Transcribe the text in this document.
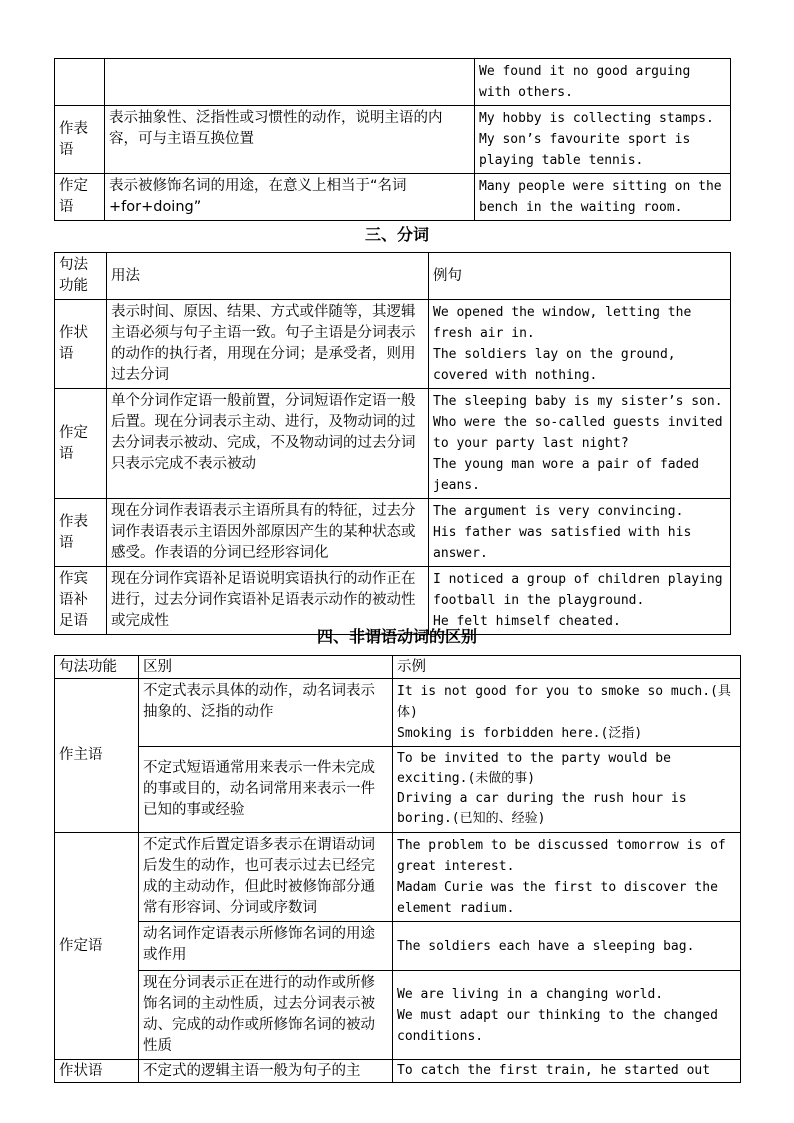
		We found it no good arguing with others.

作表语	表示抽象性、泛指性或习惯性的动作，说明主语的内容，可与主语互换位置	My hobby is collecting stamps.
My son’s favourite sport is playing table tennis.

作定语	表示被修饰名词的用途，在意义上相当于“名词+for+doing”	Many people were sitting on the bench in the waiting room.
三、分词
句法功能	用法	例句
作状语	表示时间、原因、结果、方式或伴随等，其逻辑主语必须与句子主语一致。句子主语是分词表示的动作的执行者，用现在分词；是承受者，则用过去分词	We opened the window, letting the fresh air in.
The soldiers lay on the ground, covered with nothing.

作定语	单个分词作定语一般前置，分词短语作定语一般后置。现在分词表示主动、进行，及物动词的过去分词表示被动、完成，不及物动词的过去分词只表示完成不表示被动	The sleeping baby is my sister’s son.
Who were the so-called guests invited to your party last night?
The young man wore a pair of faded jeans.

作表语	现在分词作表语表示主语所具有的特征，过去分词作表语表示主语因外部原因产生的某种状态或感受。作表语的分词已经形容词化	The argument is very convincing.
His father was satisfied with his answer.

作宾语补足语	现在分词作宾语补足语说明宾语执行的动作正在进行，过去分词作宾语补足语表示动作的被动性或完成性	I noticed a group of children playing football in the playground.
He felt himself cheated.
四、非谓语动词的区别
句法功能	区别	示例
作主语	不定式表示具体的动作，动名词表示抽象的、泛指的动作	It is not good for you to smoke so much.(具体)
Smoking is forbidden here.(泛指)

	不定式短语通常用来表示一件未完成的事或目的，动名词常用来表示一件已知的事或经验	To be invited to the party would be exciting.(未做的事)
Driving a car during the rush hour is boring.(已知的、经验)

作定语	不定式作后置定语多表示在谓语动词后发生的动作，也可表示过去已经完成的主动动作，但此时被修饰部分通常有形容词、分词或序数词	The problem to be discussed tomorrow is of great interest.
Madam Curie was the first to discover the element radium.

	动名词作定语表示所修饰名词的用途或作用	The soldiers each have a sleeping bag.

	现在分词表示正在进行的动作或所修饰名词的主动性质，过去分词表示被动、完成的动作或所修饰名词的被动性质	We are living in a changing world.
We must adapt our thinking to the changed conditions.

作状语	不定式的逻辑主语一般为句子的主	To catch the first train, he started out
